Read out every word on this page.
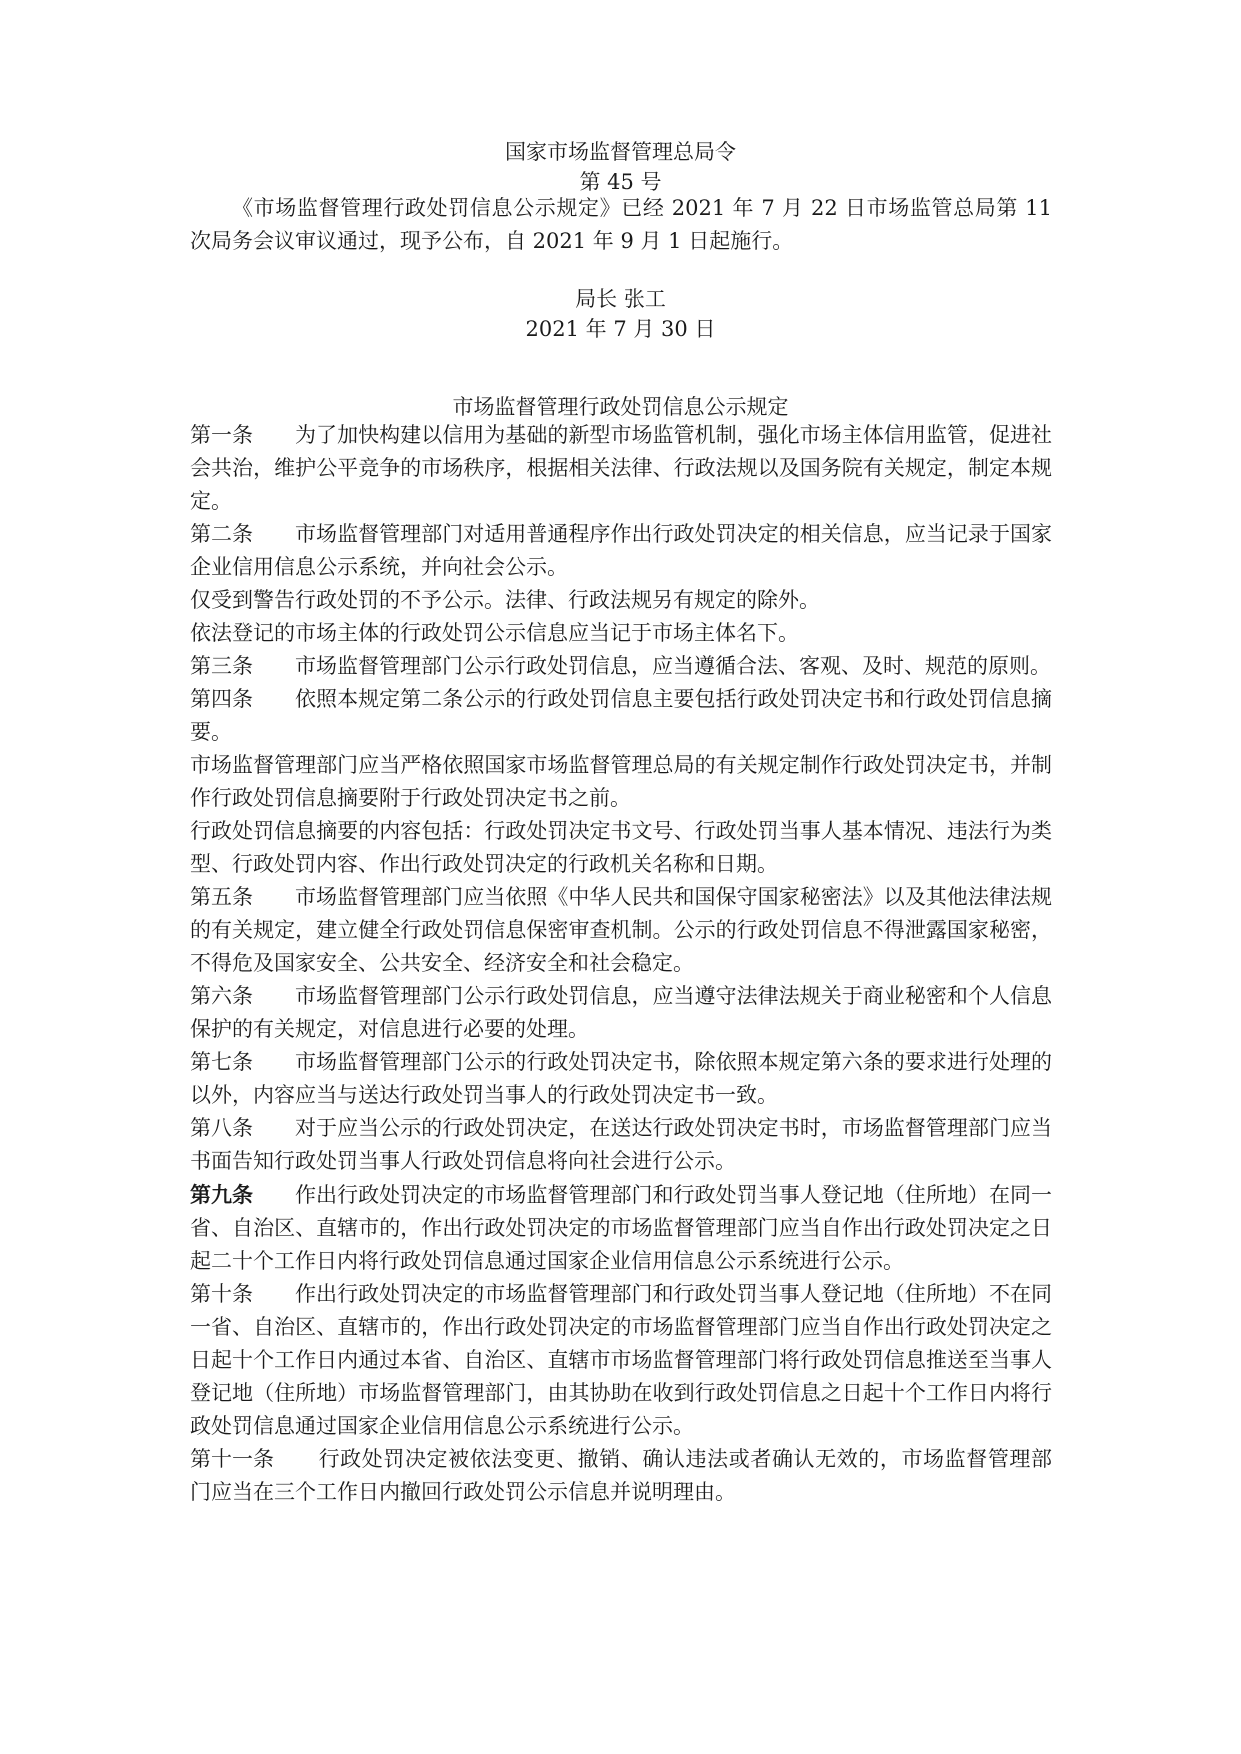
国家市场监督管理总局令
第 45 号

《市场监督管理行政处罚信息公示规定》已经 2021 年 7 月 22 日市场监管总局第 11 次局务会议审议通过，现予公布，自 2021 年 9 月 1 日起施行。

局长 张工
2021 年 7 月 30 日
市场监督管理行政处罚信息公示规定

第一条 为了加快构建以信用为基础的新型市场监管机制，强化市场主体信用监管，促进社会共治，维护公平竞争的市场秩序，根据相关法律、行政法规以及国务院有关规定，制定本规定。

第二条 市场监督管理部门对适用普通程序作出行政处罚决定的相关信息，应当记录于国家企业信用信息公示系统，并向社会公示。

仅受到警告行政处罚的不予公示。法律、行政法规另有规定的除外。

依法登记的市场主体的行政处罚公示信息应当记于市场主体名下。

第三条 市场监督管理部门公示行政处罚信息，应当遵循合法、客观、及时、规范的原则。

第四条 依照本规定第二条公示的行政处罚信息主要包括行政处罚决定书和行政处罚信息摘要。

市场监督管理部门应当严格依照国家市场监督管理总局的有关规定制作行政处罚决定书，并制作行政处罚信息摘要附于行政处罚决定书之前。

行政处罚信息摘要的内容包括：行政处罚决定书文号、行政处罚当事人基本情况、违法行为类型、行政处罚内容、作出行政处罚决定的行政机关名称和日期。

第五条 市场监督管理部门应当依照《中华人民共和国保守国家秘密法》以及其他法律法规的有关规定，建立健全行政处罚信息保密审查机制。公示的行政处罚信息不得泄露国家秘密，不得危及国家安全、公共安全、经济安全和社会稳定。

第六条 市场监督管理部门公示行政处罚信息，应当遵守法律法规关于商业秘密和个人信息保护的有关规定，对信息进行必要的处理。

第七条 市场监督管理部门公示的行政处罚决定书，除依照本规定第六条的要求进行处理的以外，内容应当与送达行政处罚当事人的行政处罚决定书一致。

第八条 对于应当公示的行政处罚决定，在送达行政处罚决定书时，市场监督管理部门应当书面告知行政处罚当事人行政处罚信息将向社会进行公示。

第九条 作出行政处罚决定的市场监督管理部门和行政处罚当事人登记地（住所地）在同一省、自治区、直辖市的，作出行政处罚决定的市场监督管理部门应当自作出行政处罚决定之日起二十个工作日内将行政处罚信息通过国家企业信用信息公示系统进行公示。

第十条 作出行政处罚决定的市场监督管理部门和行政处罚当事人登记地（住所地）不在同一省、自治区、直辖市的，作出行政处罚决定的市场监督管理部门应当自作出行政处罚决定之日起十个工作日内通过本省、自治区、直辖市市场监督管理部门将行政处罚信息推送至当事人登记地（住所地）市场监督管理部门，由其协助在收到行政处罚信息之日起十个工作日内将行政处罚信息通过国家企业信用信息公示系统进行公示。

第十一条 行政处罚决定被依法变更、撤销、确认违法或者确认无效的，市场监督管理部门应当在三个工作日内撤回行政处罚公示信息并说明理由。
